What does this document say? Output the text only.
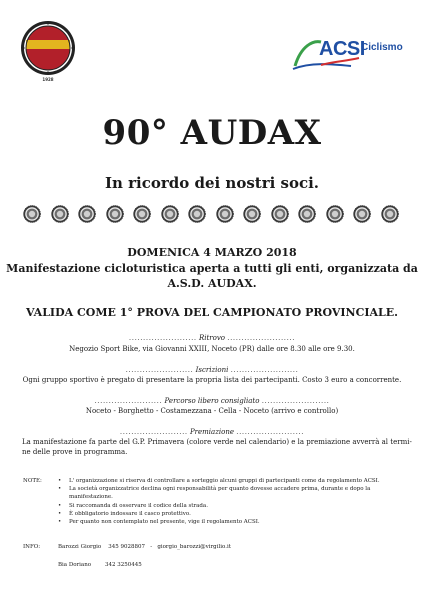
1928
ACSI
Ciclismo
90° AUDAX
In ricordo dei nostri soci.
DOMENICA 4 MARZO 2018
Manifestazione cicloturistica aperta a tutti gli enti, organizzata da
A.S.D. AUDAX.
VALIDA COME 1° PROVA DEL CAMPIONATO PROVINCIALE.
........................ Ritrovo ........................
Negozio Sport Bike, via Giovanni XXIII, Noceto (PR) dalle ore 8.30 alle ore 9.30.
........................ Iscrizioni ........................
Ogni gruppo sportivo è pregato di presentare la propria lista dei partecipanti. Costo 3 euro a concorrente.
........................ Percorso libero consigliato ........................
Noceto - Borghetto - Costamezzana - Cella - Noceto (arrivo e controllo)
........................ Premiazione ........................
La manifestazione fa parte del G.P. Primavera (colore verde nel calendario) e la premiazione avverrà al termi-
ne delle prove in programma.
NOTE:	• L' organizzazione si riserva di controllare a sorteggio alcuni gruppi di partecipanti come da regolamento ACSI.
• La società organizzatrice declina ogni responsabilità per quanto dovesse accadere prima, durante e dopo la manifestazione.
• Si raccomanda di osservare il codice della strada.
• È obbligatorio indossare il casco protettivo.
• Per quanto non contemplato nel presente, vige il regolamento ACSI.
INFO:	Barozzi Giorgio    345 9028807   -   giorgio_barozzi@virgilio.it
Bia Doriano        342 3250445
